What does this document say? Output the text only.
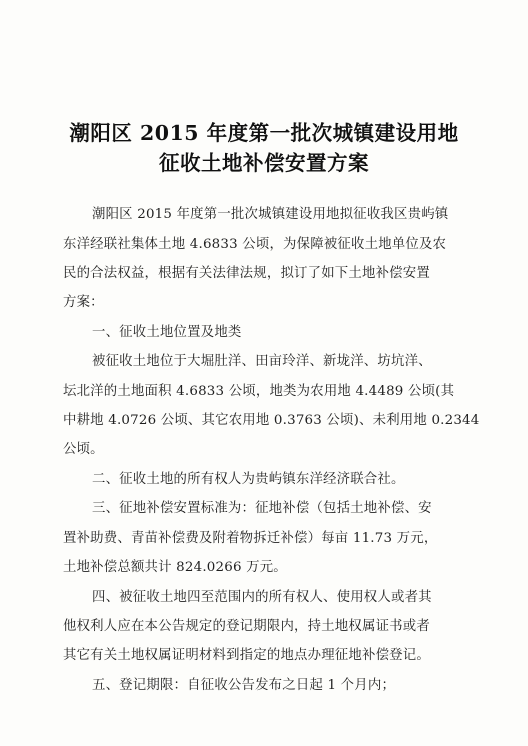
潮阳区 2015 年度第一批次城镇建设用地
征收土地补偿安置方案
潮阳区 2015 年度第一批次城镇建设用地拟征收我区贵屿镇
东洋经联社集体土地 4.6833 公顷，为保障被征收土地单位及农
民的合法权益，根据有关法律法规，拟订了如下土地补偿安置
方案：
一、征收土地位置及地类
被征收土地位于大堀肚洋、田亩玲洋、新垅洋、坊坑洋、
坛北洋的土地面积 4.6833 公顷，地类为农用地 4.4489 公顷(其
中耕地 4.0726 公顷、其它农用地 0.3763 公顷)、未利用地 0.2344
公顷。
二、征收土地的所有权人为贵屿镇东洋经济联合社。
三、征地补偿安置标准为：征地补偿（包括土地补偿、安
置补助费、青苗补偿费及附着物拆迁补偿）每亩 11.73 万元，
土地补偿总额共计 824.0266 万元。
四、被征收土地四至范围内的所有权人、使用权人或者其
他权利人应在本公告规定的登记期限内，持土地权属证书或者
其它有关土地权属证明材料到指定的地点办理征地补偿登记。
五、登记期限：自征收公告发布之日起 1 个月内；
